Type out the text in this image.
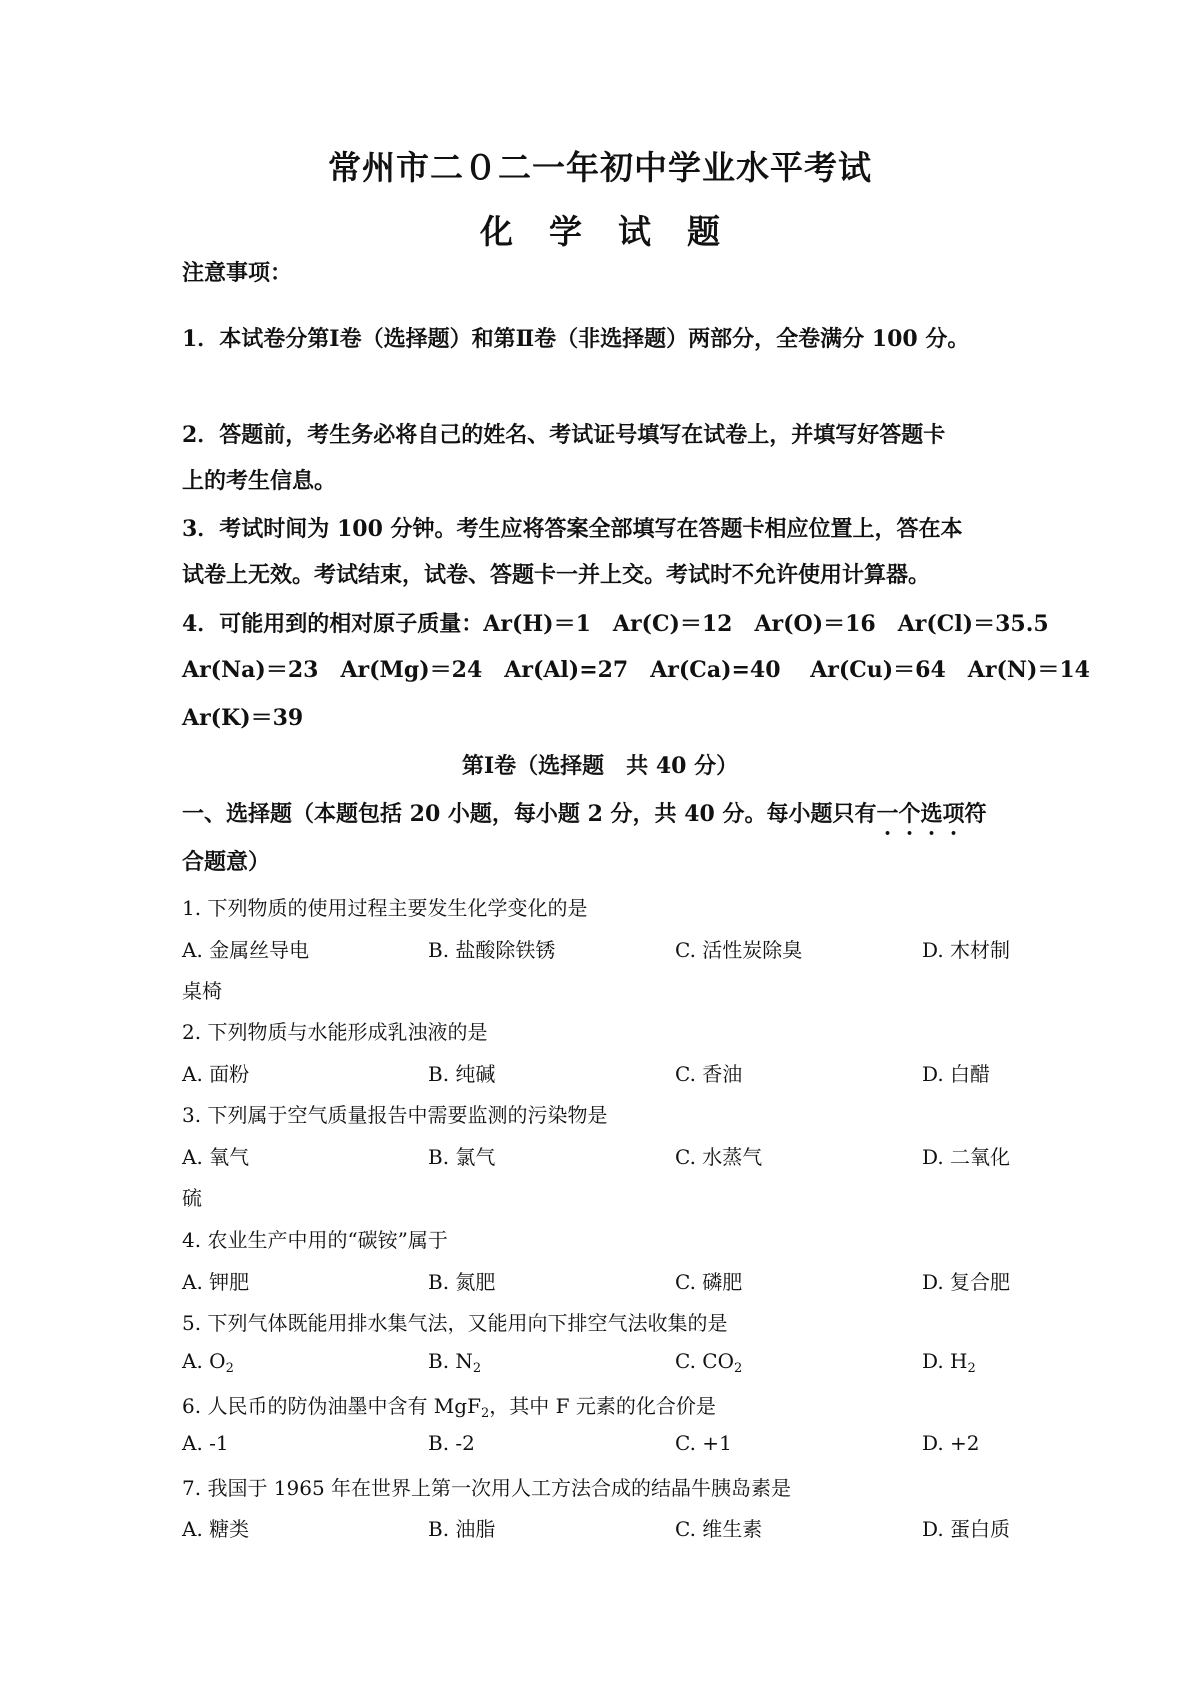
常州市二０二一年初中学业水平考试
化学试题
注意事项：
1．本试卷分第Ⅰ卷（选择题）和第Ⅱ卷（非选择题）两部分，全卷满分 100 分。
2．答题前，考生务必将自己的姓名、考试证号填写在试卷上，并填写好答题卡
上的考生信息。
3．考试时间为 100 分钟。考生应将答案全部填写在答题卡相应位置上，答在本
试卷上无效。考试结束，试卷、答题卡一并上交。考试时不允许使用计算器。
4．可能用到的相对原子质量：Ar(H)＝1　Ar(C)＝12　Ar(O)＝16　Ar(Cl)＝35.5
Ar(Na)＝23　Ar(Mg)＝24　Ar(Al)=27　Ar(Ca)=40　 Ar(Cu)＝64　Ar(N)＝14
Ar(K)＝39
第Ⅰ卷（选择题　共 40 分）
一、选择题（本题包括 20 小题，每小题 2 分，共 40 分。每小题只有一个选项符
合题意）
1. 下列物质的使用过程主要发生化学变化的是
A. 金属丝导电	B. 盐酸除铁锈	C. 活性炭除臭	D. 木材制
桌椅
2. 下列物质与水能形成乳浊液的是
A. 面粉	B. 纯碱	C. 香油	D. 白醋
3. 下列属于空气质量报告中需要监测的污染物是
A. 氧气	B. 氯气	C. 水蒸气	D. 二氧化
硫
4. 农业生产中用的“碳铵”属于
A. 钾肥	B. 氮肥	C. 磷肥	D. 复合肥
5. 下列气体既能用排水集气法，又能用向下排空气法收集的是
A. $O_2$	B. $N_2$	C. $CO_2$	D. $H_2$
6. 人民币的防伪油墨中含有 MgF$_2$，其中 F 元素的化合价是
A. -1	B. -2	C. +1	D. +2
7. 我国于 1965 年在世界上第一次用人工方法合成的结晶牛胰岛素是
A. 糖类	B. 油脂	C. 维生素	D. 蛋白质
